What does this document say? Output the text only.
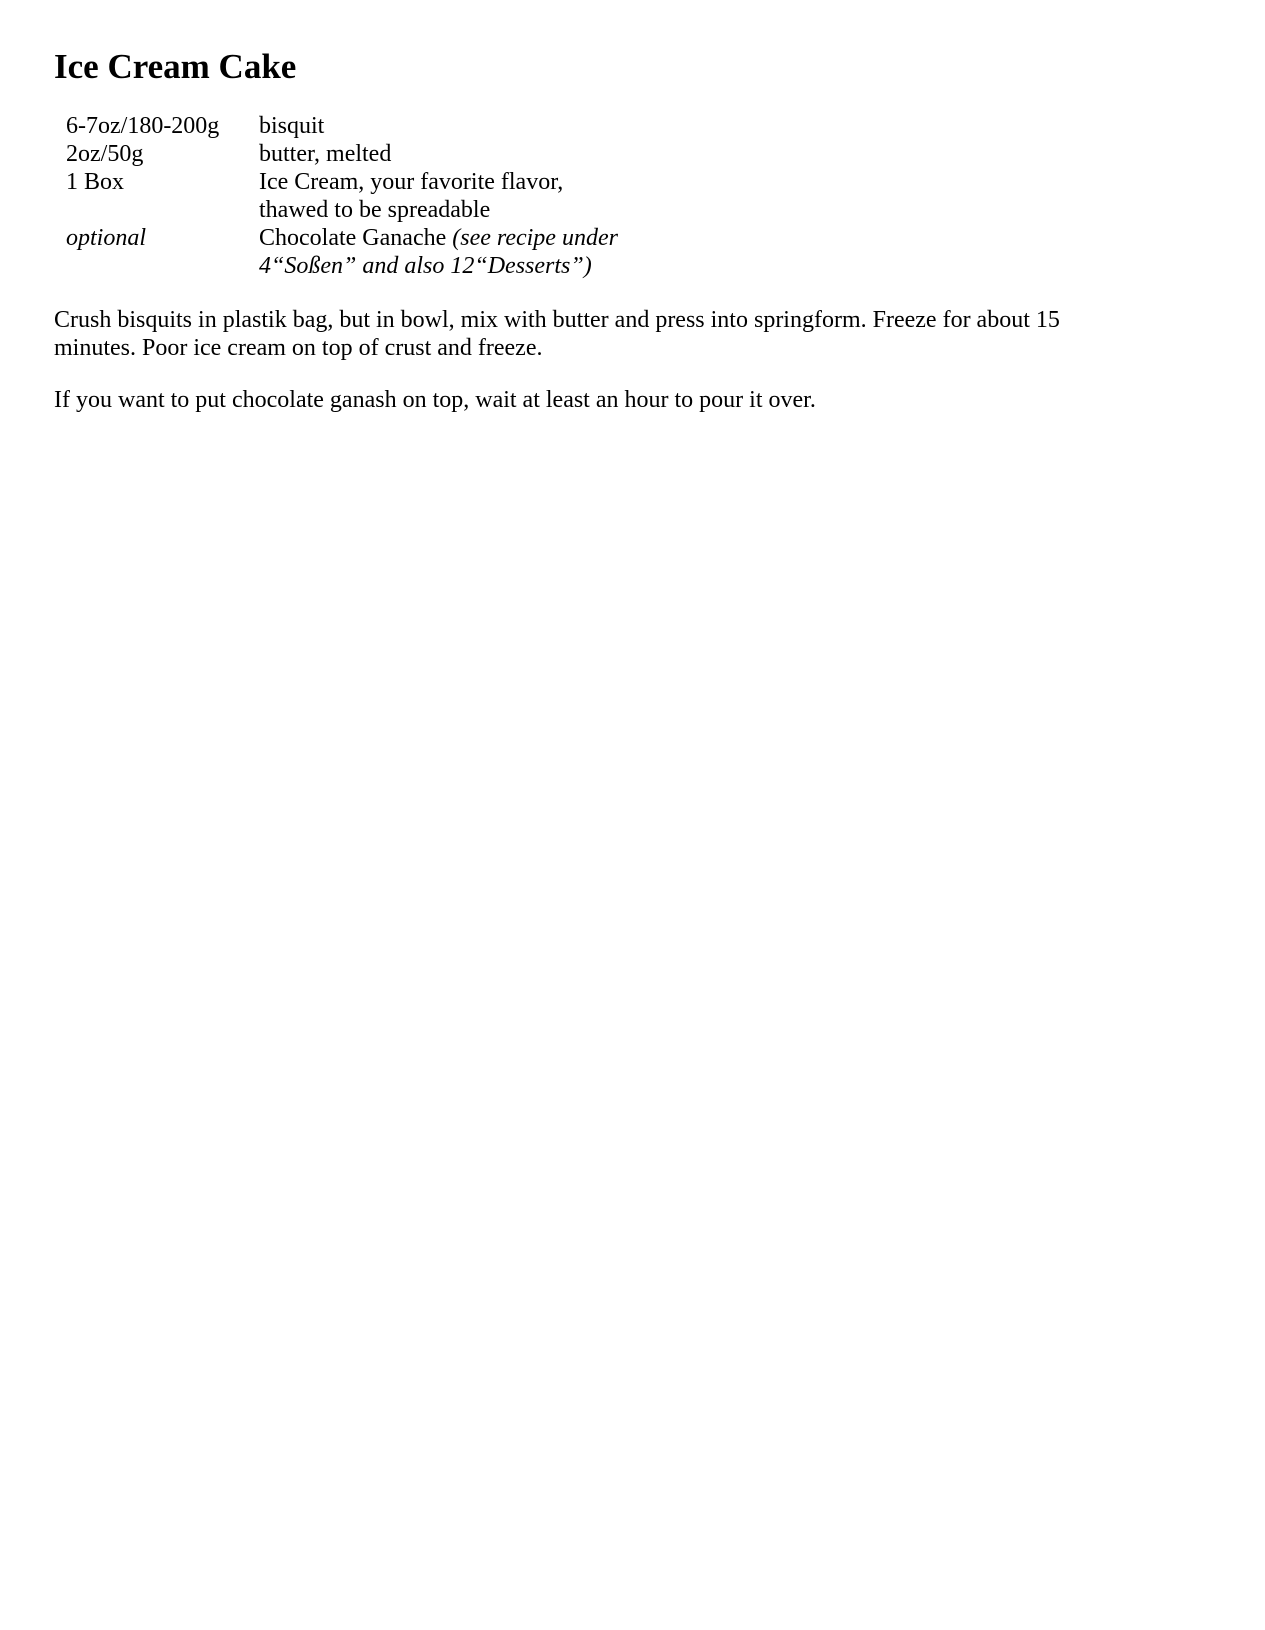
Ice Cream Cake
6-7oz/180-200g	bisquit
2oz/50g	butter, melted
1 Box	Ice Cream, your favorite flavor,
thawed to be spreadable
optional	Chocolate Ganache (see recipe under
4“Soßen” and also 12“Desserts”)

Crush bisquits in plastik bag, but in bowl, mix with butter and press into springform. Freeze for about 15 minutes. Poor ice cream on top of crust and freeze.

If you want to put chocolate ganash on top, wait at least an hour to pour it over.
